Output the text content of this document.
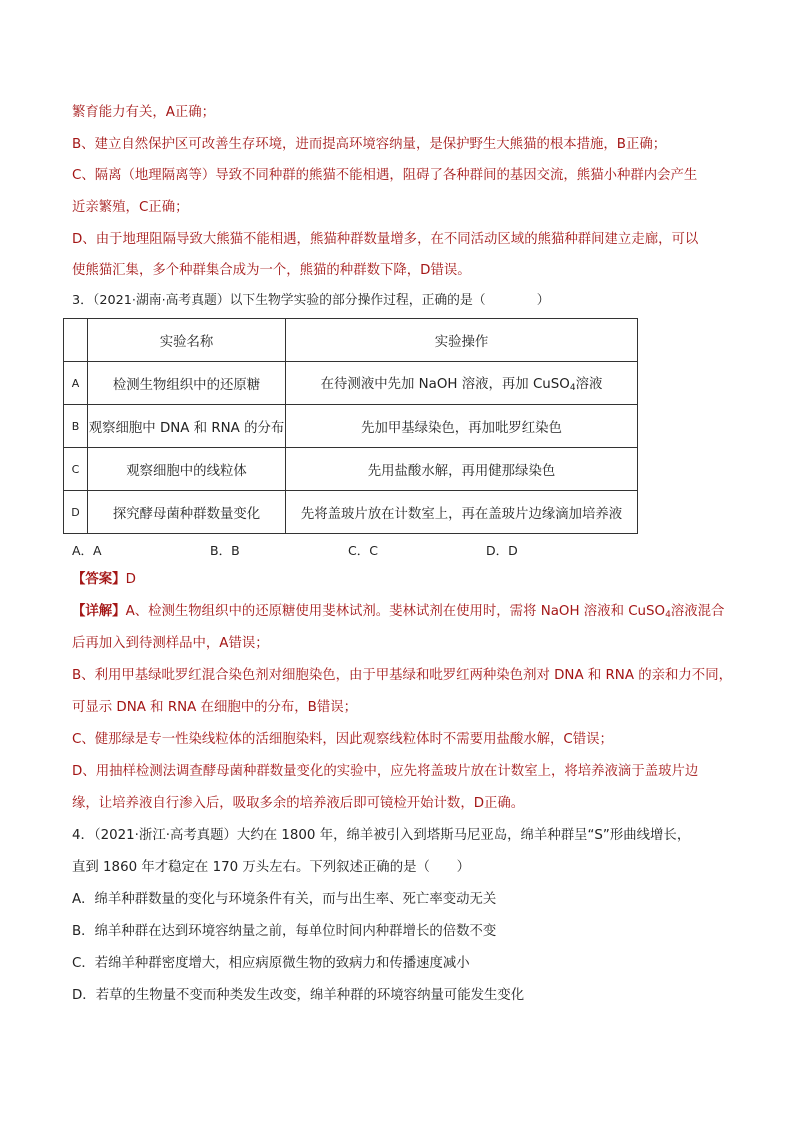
繁育能力有关，A正确；
B、建立自然保护区可改善生存环境，进而提高环境容纳量，是保护野生大熊猫的根本措施，B正确；
C、隔离（地理隔离等）导致不同种群的熊猫不能相遇，阻碍了各种群间的基因交流，熊猫小种群内会产生
近亲繁殖，C正确；
D、由于地理阻隔导致大熊猫不能相遇，熊猫种群数量增多，在不同活动区域的熊猫种群间建立走廊，可以
使熊猫汇集，多个种群集合成为一个，熊猫的种群数下降，D错误。
3．（2021·湖南·高考真题）以下生物学实验的部分操作过程，正确的是（　　　　）
	实验名称	实验操作
A	检测生物组织中的还原糖	在待测液中先加 NaOH 溶液，再加 CuSO$_4$溶液
B	观察细胞中 DNA 和 RNA 的分布	先加甲基绿染色，再加吡罗红染色
C	观察细胞中的线粒体	先用盐酸水解，再用健那绿染色
D	探究酵母菌种群数量变化	先将盖玻片放在计数室上，再在盖玻片边缘滴加培养液
A．A	B．B	C．C	D．D
【答案】D
【详解】A、检测生物组织中的还原糖使用斐林试剂。斐林试剂在使用时，需将 NaOH 溶液和 CuSO$_4$溶液混合
后再加入到待测样品中，A错误；
B、利用甲基绿吡罗红混合染色剂对细胞染色，由于甲基绿和吡罗红两种染色剂对 DNA 和 RNA 的亲和力不同，
可显示 DNA 和 RNA 在细胞中的分布，B错误；
C、健那绿是专一性染线粒体的活细胞染料，因此观察线粒体时不需要用盐酸水解，C错误；
D、用抽样检测法调查酵母菌种群数量变化的实验中，应先将盖玻片放在计数室上，将培养液滴于盖玻片边
缘，让培养液自行渗入后，吸取多余的培养液后即可镜检开始计数，D正确。
4．（2021·浙江·高考真题）大约在 1800 年，绵羊被引入到塔斯马尼亚岛，绵羊种群呈“S”形曲线增长，
直到 1860 年才稳定在 170 万头左右。下列叙述正确的是（　　）
A．绵羊种群数量的变化与环境条件有关，而与出生率、死亡率变动无关
B．绵羊种群在达到环境容纳量之前，每单位时间内种群增长的倍数不变
C．若绵羊种群密度增大，相应病原微生物的致病力和传播速度减小
D．若草的生物量不变而种类发生改变，绵羊种群的环境容纳量可能发生变化
